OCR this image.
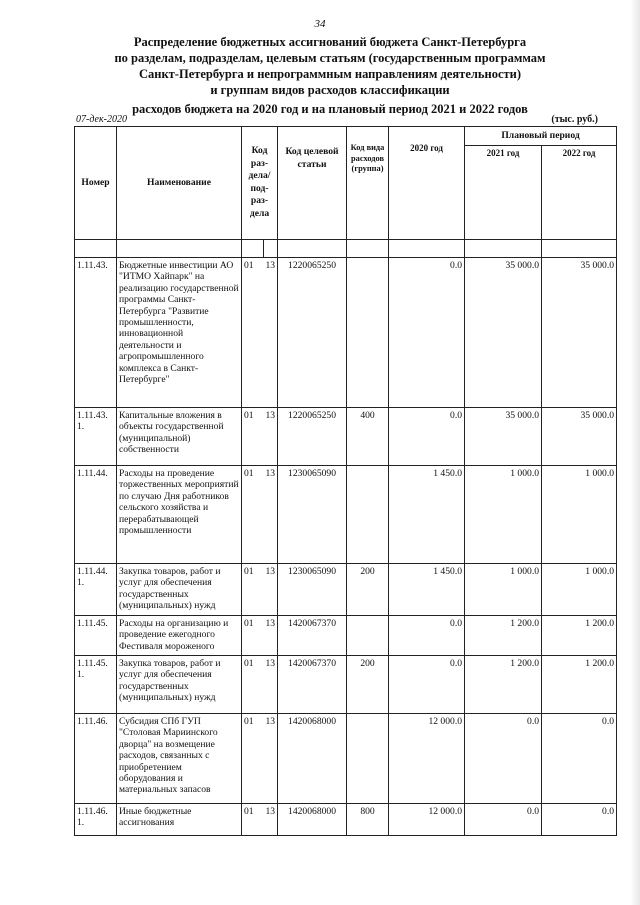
34
Распределение бюджетных ассигнований бюджета Санкт-Петербурга
по разделам, подразделам, целевым статьям (государственным программам
Санкт-Петербурга и непрограммным направлениям деятельности)
и группам видов расходов классификации
расходов бюджета на 2020 год и на плановый период 2021 и 2022 годов
07-дек-2020	(тыс. руб.)
Номер	Наименование	Код раз-дела/ под-раз-дела		Код целевой статьи	Код вида расходов (группа)	2020 год	Плановый период	
							2021 год	2022 год

1.11.43.	Бюджетные инвестиции АО "ИТМО Хайпарк" на реализацию государственной программы Санкт-Петербурга "Развитие промышленности, инновационной деятельности и агропромышленного комплекса в Санкт-Петербурге"	01	13	1220065250		0.0	35 000.0	35 000.0
1.11.43. 1.	Капитальные вложения в объекты государственной (муниципальной) собственности	01	13	1220065250	400	0.0	35 000.0	35 000.0
1.11.44.	Расходы на проведение торжественных мероприятий по случаю Дня работников сельского хозяйства и перерабатывающей промышленности	01	13	1230065090		1 450.0	1 000.0	1 000.0
1.11.44. 1.	Закупка товаров, работ и услуг для обеспечения государственных (муниципальных) нужд	01	13	1230065090	200	1 450.0	1 000.0	1 000.0
1.11.45.	Расходы на организацию и проведение ежегодного Фестиваля мороженого	01	13	1420067370		0.0	1 200.0	1 200.0
1.11.45. 1.	Закупка товаров, работ и услуг для обеспечения государственных (муниципальных) нужд	01	13	1420067370	200	0.0	1 200.0	1 200.0
1.11.46.	Субсидия СПб ГУП "Столовая Мариинского дворца" на возмещение расходов, связанных с приобретением оборудования и материальных запасов	01	13	1420068000		12 000.0	0.0	0.0
1.11.46. 1.	Иные бюджетные ассигнования	01	13	1420068000	800	12 000.0	0.0	0.0
